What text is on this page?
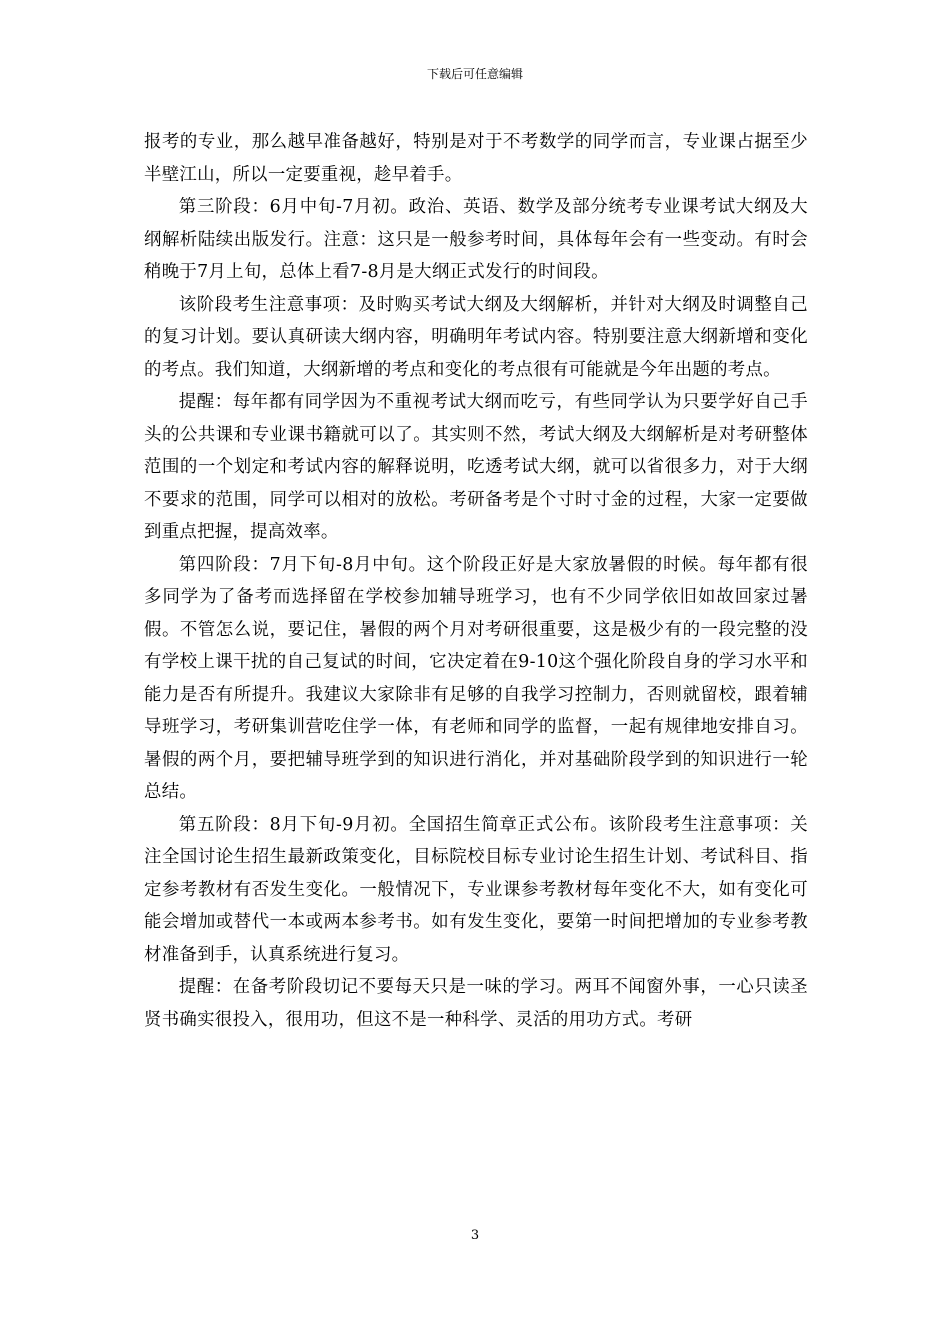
下载后可任意编辑

报考的专业，那么越早准备越好，特别是对于不考数学的同学而言，专业课占据至少半壁江山，所以一定要重视，趁早着手。

第三阶段：6月中旬-7月初。政治、英语、数学及部分统考专业课考试大纲及大纲解析陆续出版发行。注意：这只是一般参考时间，具体每年会有一些变动。有时会稍晚于7月上旬，总体上看7-8月是大纲正式发行的时间段。

该阶段考生注意事项：及时购买考试大纲及大纲解析，并针对大纲及时调整自己的复习计划。要认真研读大纲内容，明确明年考试内容。特别要注意大纲新增和变化的考点。我们知道，大纲新增的考点和变化的考点很有可能就是今年出题的考点。

提醒：每年都有同学因为不重视考试大纲而吃亏，有些同学认为只要学好自己手头的公共课和专业课书籍就可以了。其实则不然，考试大纲及大纲解析是对考研整体范围的一个划定和考试内容的解释说明，吃透考试大纲，就可以省很多力，对于大纲不要求的范围，同学可以相对的放松。考研备考是个寸时寸金的过程，大家一定要做到重点把握，提高效率。

第四阶段：7月下旬-8月中旬。这个阶段正好是大家放暑假的时候。每年都有很多同学为了备考而选择留在学校参加辅导班学习，也有不少同学依旧如故回家过暑假。不管怎么说，要记住，暑假的两个月对考研很重要，这是极少有的一段完整的没有学校上课干扰的自己复试的时间，它决定着在9-10这个强化阶段自身的学习水平和能力是否有所提升。我建议大家除非有足够的自我学习控制力，否则就留校，跟着辅导班学习，考研集训营吃住学一体，有老师和同学的监督，一起有规律地安排自习。暑假的两个月，要把辅导班学到的知识进行消化，并对基础阶段学到的知识进行一轮总结。

第五阶段：8月下旬-9月初。全国招生简章正式公布。该阶段考生注意事项：关注全国讨论生招生最新政策变化，目标院校目标专业讨论生招生计划、考试科目、指定参考教材有否发生变化。一般情况下，专业课参考教材每年变化不大，如有变化可能会增加或替代一本或两本参考书。如有发生变化，要第一时间把增加的专业参考教材准备到手，认真系统进行复习。

提醒：在备考阶段切记不要每天只是一味的学习。两耳不闻窗外事，一心只读圣贤书确实很投入，很用功，但这不是一种科学、灵活的用功方式。考研

3
